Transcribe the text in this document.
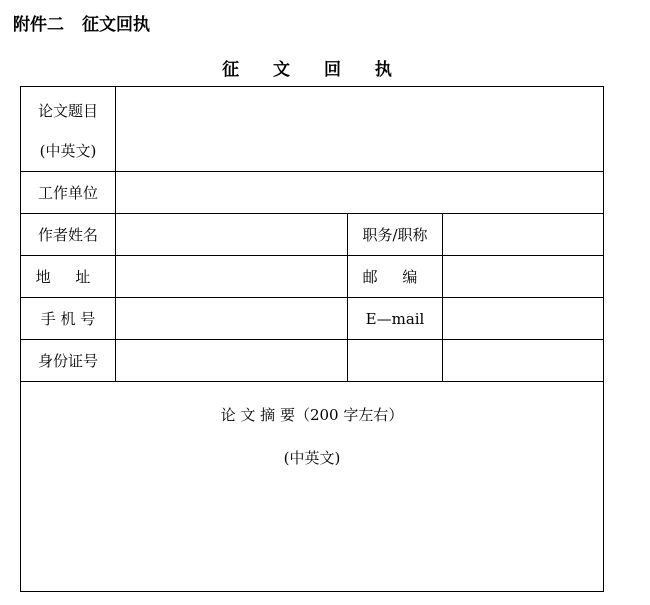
附件二 征文回执
征 文 回 执
论文题目
(中英文)			

工作单位			
作者姓名		职务/职称	
地 址		邮 编	
手 机 号		E—mail	
身份证号			

论 文 摘 要（200 字左右）
(中英文)			
